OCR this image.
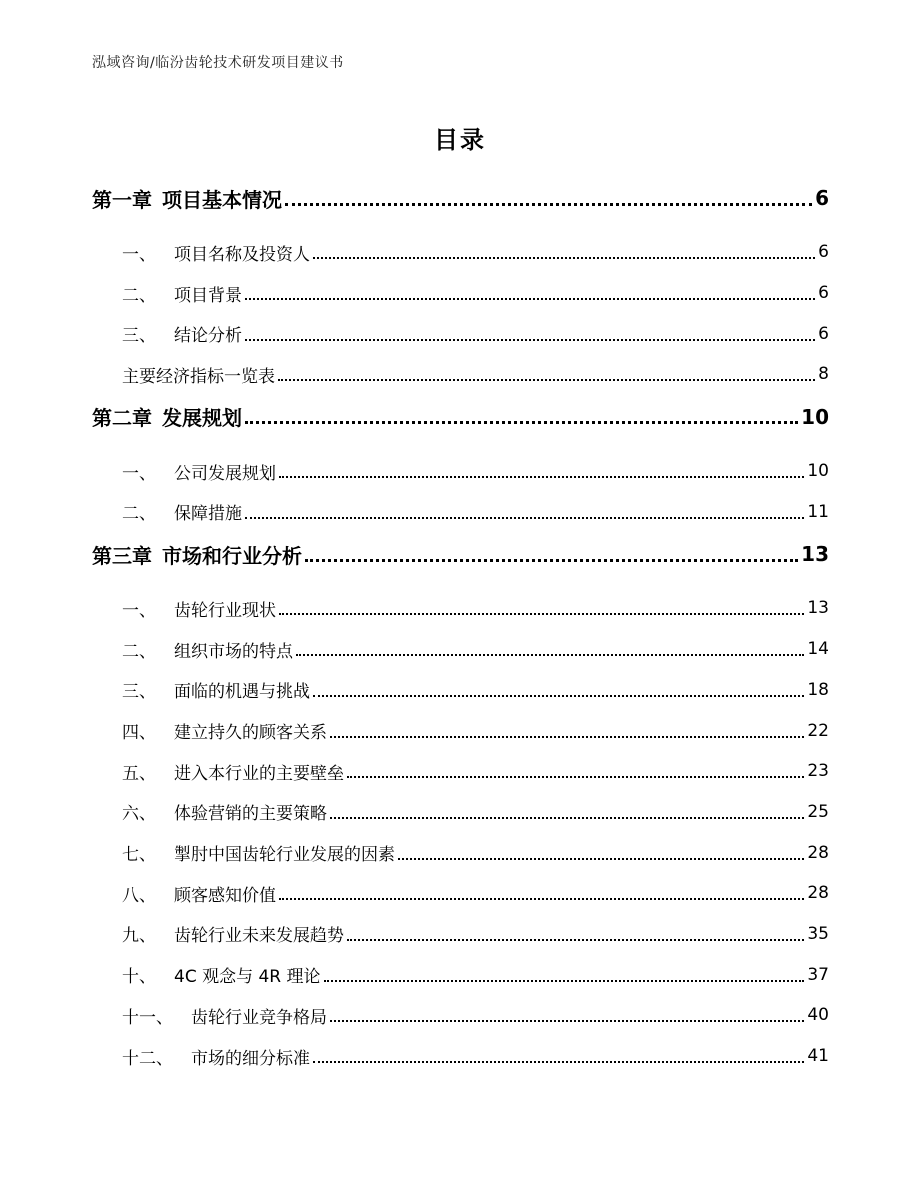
泓域咨询/临汾齿轮技术研发项目建议书
目录
第一章 项目基本情况	6
一、 项目名称及投资人	6
二、 项目背景	6
三、 结论分析	6
主要经济指标一览表	8
第二章 发展规划	10
一、 公司发展规划	10
二、 保障措施	11
第三章 市场和行业分析	13
一、 齿轮行业现状	13
二、 组织市场的特点	14
三、 面临的机遇与挑战	18
四、 建立持久的顾客关系	22
五、 进入本行业的主要壁垒	23
六、 体验营销的主要策略	25
七、 掣肘中国齿轮行业发展的因素	28
八、 顾客感知价值	28
九、 齿轮行业未来发展趋势	35
十、 4C 观念与 4R 理论	37
十一、 齿轮行业竞争格局	40
十二、 市场的细分标准	41
